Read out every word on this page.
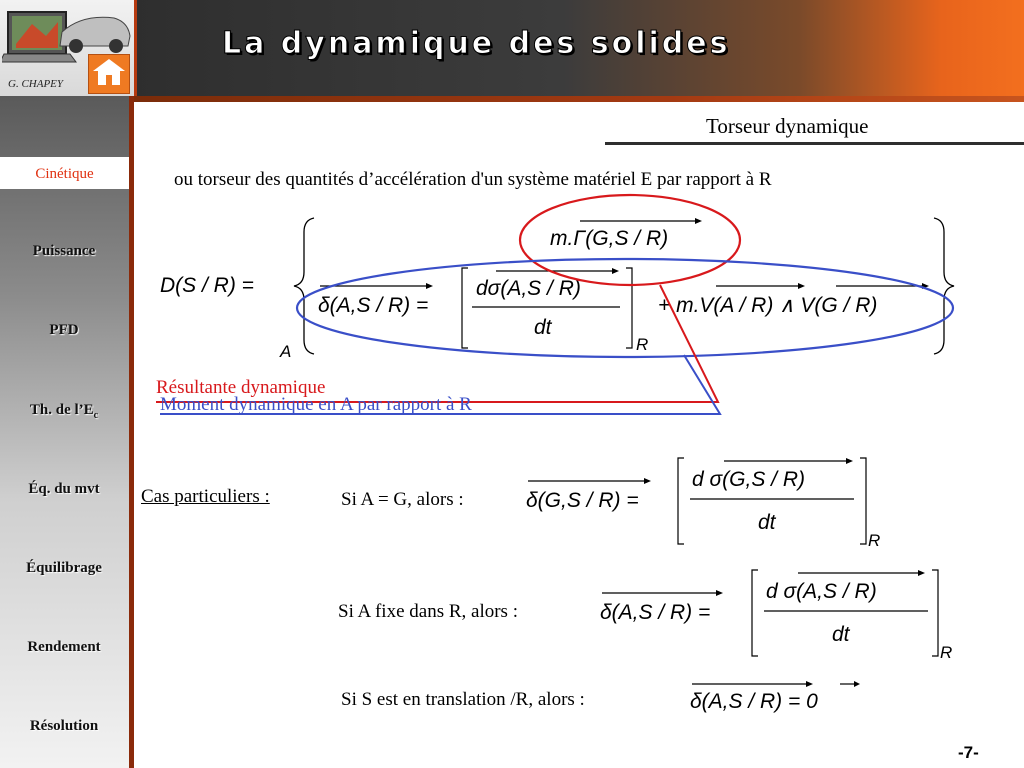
G. CHAPEY
La dynamique des solides
Cinétique
Puissance
PFD
Th. de $l’E_c$
Éq. du mvt
Équilibrage
Rendement
Résolution
Torseur dynamique
ou torseur des quantités d’accélération d'un système matériel E par rapport à R
D(S / R) =
m.Γ(G,S / R)
δ(A,S / R) =
dσ(A,S / R)
dt
R
+ m.V(A / R) ∧ V(G / R)
A
δ(G,S / R) =
d σ(G,S / R)
dt
R
δ(A,S / R) =
d σ(A,S / R)
dt
R
δ(A,S / R) = 0
Résultante dynamique
Moment dynamique en A par rapport à R
Cas particuliers :	Si A = G, alors :
Si A fixe dans R, alors :
Si S est en translation /R, alors :
-7-
